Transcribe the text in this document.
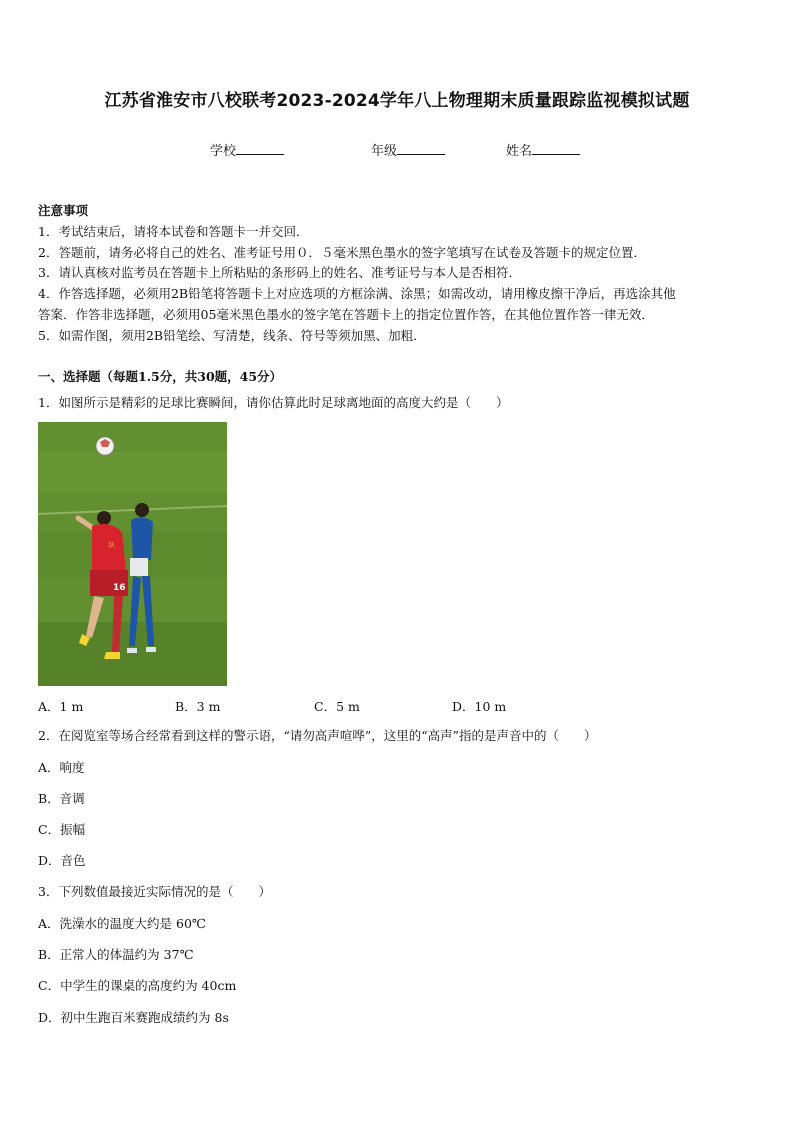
江苏省淮安市八校联考2023-2024学年八上物理期末质量跟踪监视模拟试题
学校	年级	姓名
注意事项
1．考试结束后，请将本试卷和答题卡一并交回．
2．答题前，请务必将自己的姓名、准考证号用０．５毫米黑色墨水的签字笔填写在试卷及答题卡的规定位置．
3．请认真核对监考员在答题卡上所粘贴的条形码上的姓名、准考证号与本人是否相符．
4．作答选择题，必须用2B铅笔将答题卡上对应选项的方框涂满、涂黑；如需改动，请用橡皮擦干净后，再选涂其他
答案．作答非选择题，必须用05毫米黑色墨水的签字笔在答题卡上的指定位置作答，在其他位置作答一律无效．
5．如需作图，须用2B铅笔绘、写清楚，线条、符号等须加黑、加粗．
一、选择题（每题1.5分，共30题，45分）
1．如图所示是精彩的足球比赛瞬间，请你估算此时足球离地面的高度大约是（　　）
队
16
A．1 m	B．3 m	C．5 m	D．10 m
2．在阅览室等场合经常看到这样的警示语，“请勿高声喧哗”，这里的“高声”指的是声音中的（　　）
A．响度
B．音调
C．振幅
D．音色
3．下列数值最接近实际情况的是（　　）
A．洗澡水的温度大约是 60℃
B．正常人的体温约为 37℃
C．中学生的课桌的高度约为 40cm
D．初中生跑百米赛跑成绩约为 8s
